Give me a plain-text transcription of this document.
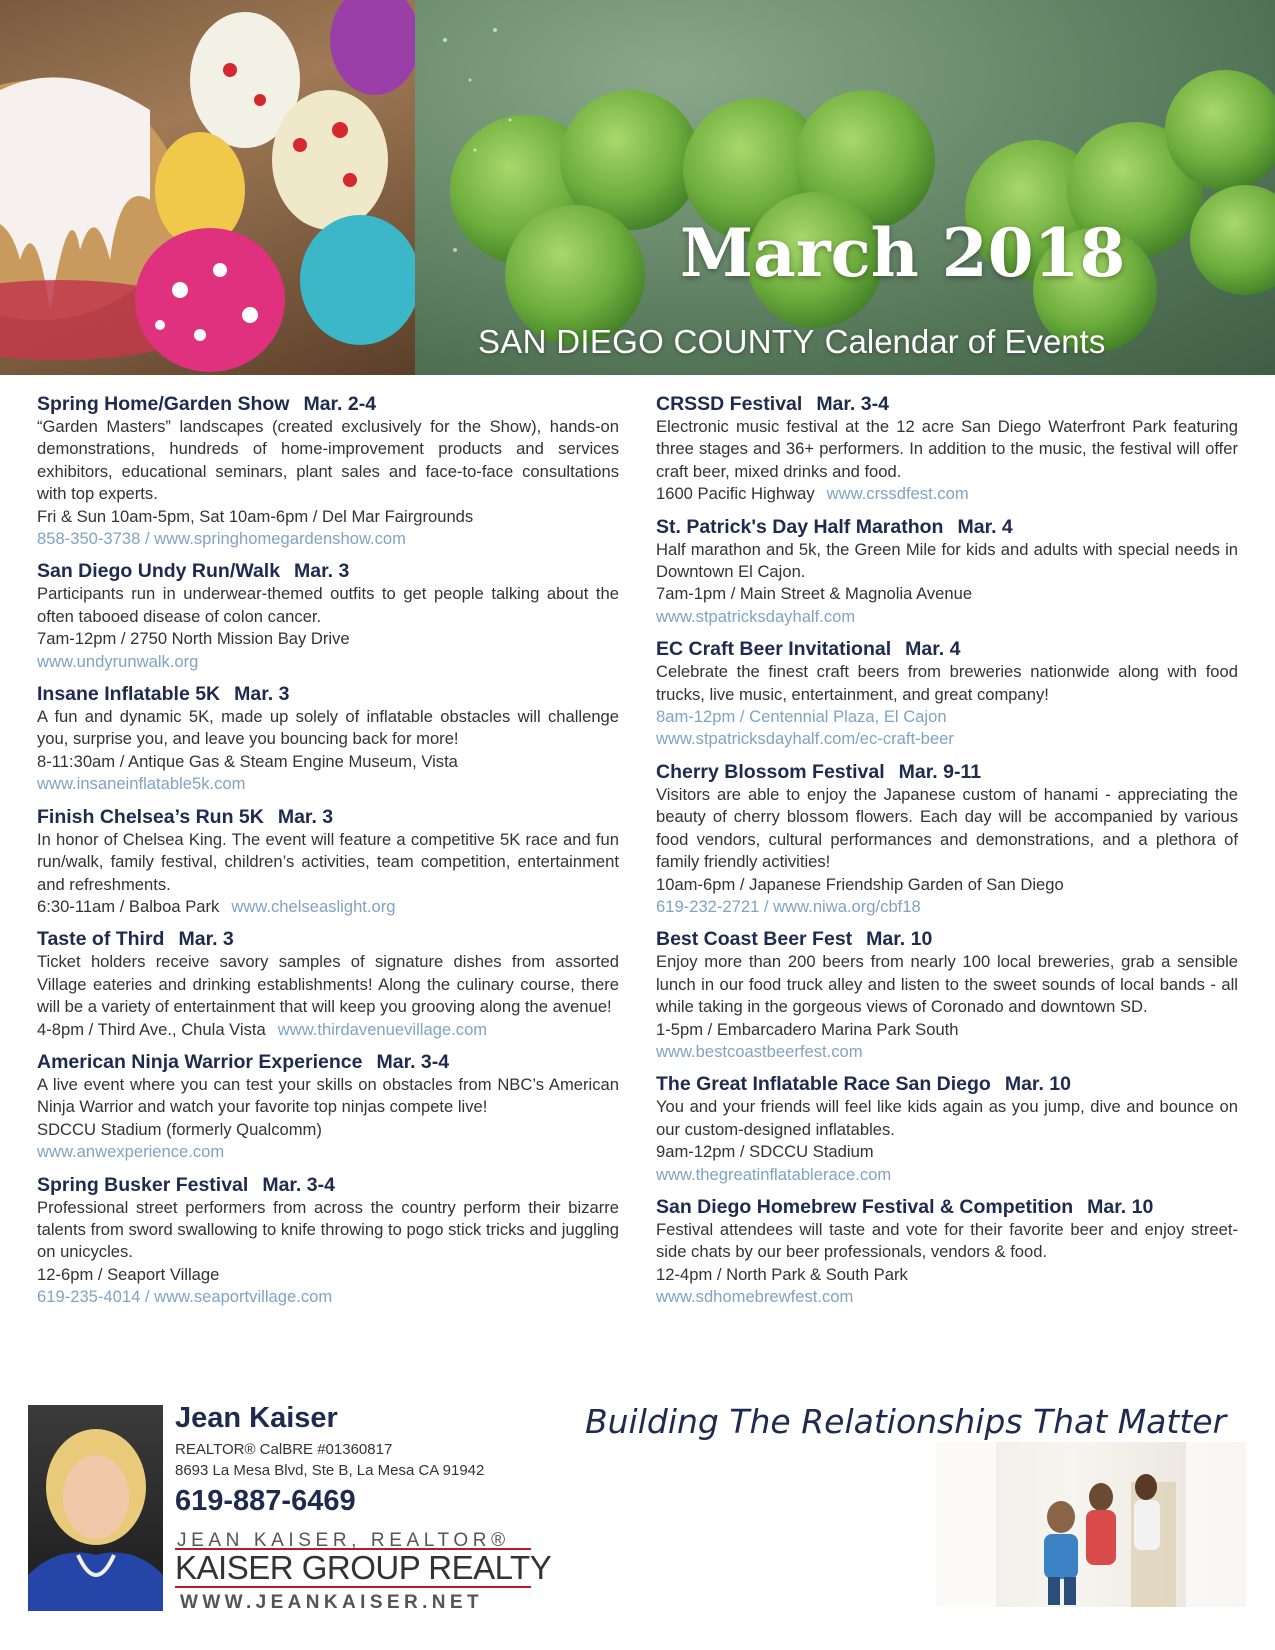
March 2018
SAN DIEGO COUNTY Calendar of Events
Spring Home/Garden Show Mar. 2-4
“Garden Masters” landscapes (created exclusively for the Show), hands-on demonstrations, hundreds of home-improvement products and services exhibitors, educational seminars, plant sales and face-to-face consultations with top experts.
Fri & Sun 10am-5pm, Sat 10am-6pm / Del Mar Fairgrounds
858-350-3738 / www.springhomegardenshow.com
San Diego Undy Run/Walk Mar. 3
Participants run in underwear-themed outfits to get people talking about the often tabooed disease of colon cancer.
7am-12pm / 2750 North Mission Bay Drive
www.undyrunwalk.org
Insane Inflatable 5K Mar. 3
A fun and dynamic 5K, made up solely of inflatable obstacles will challenge you, surprise you, and leave you bouncing back for more!
8-11:30am / Antique Gas & Steam Engine Museum, Vista
www.insaneinflatable5k.com
Finish Chelsea’s Run 5K Mar. 3
In honor of Chelsea King. The event will feature a competitive 5K race and fun run/walk, family festival, children’s activities, team competition, entertainment and refreshments.
6:30-11am / Balboa Park www.chelseaslight.org
Taste of Third Mar. 3
Ticket holders receive savory samples of signature dishes from assorted Village eateries and drinking establishments! Along the culinary course, there will be a variety of entertainment that will keep you grooving along the avenue!
4-8pm / Third Ave., Chula Vista www.thirdavenuevillage.com
American Ninja Warrior Experience Mar. 3-4
A live event where you can test your skills on obstacles from NBC’s American Ninja Warrior and watch your favorite top ninjas compete live!
SDCCU Stadium (formerly Qualcomm)
www.anwexperience.com
Spring Busker Festival Mar. 3-4
Professional street performers from across the country perform their bizarre talents from sword swallowing to knife throwing to pogo stick tricks and juggling on unicycles.
12-6pm / Seaport Village
619-235-4014 / www.seaportvillage.com
CRSSD Festival Mar. 3-4
Electronic music festival at the 12 acre San Diego Waterfront Park featuring three stages and 36+ performers. In addition to the music, the festival will offer craft beer, mixed drinks and food.
1600 Pacific Highway www.crssdfest.com
St. Patrick's Day Half Marathon Mar. 4
Half marathon and 5k, the Green Mile for kids and adults with special needs in Downtown El Cajon.
7am-1pm / Main Street & Magnolia Avenue
www.stpatricksdayhalf.com
EC Craft Beer Invitational Mar. 4
Celebrate the finest craft beers from breweries nationwide along with food trucks, live music, entertainment, and great company!
8am-12pm / Centennial Plaza, El Cajon
www.stpatricksdayhalf.com/ec-craft-beer
Cherry Blossom Festival Mar. 9-11
Visitors are able to enjoy the Japanese custom of hanami - appreciating the beauty of cherry blossom flowers. Each day will be accompanied by various food vendors, cultural performances and demonstrations, and a plethora of family friendly activities!
10am-6pm / Japanese Friendship Garden of San Diego
619-232-2721 / www.niwa.org/cbf18
Best Coast Beer Fest Mar. 10
Enjoy more than 200 beers from nearly 100 local breweries, grab a sensible lunch in our food truck alley and listen to the sweet sounds of local bands - all while taking in the gorgeous views of Coronado and downtown SD.
1-5pm / Embarcadero Marina Park South
www.bestcoastbeerfest.com
The Great Inflatable Race San Diego Mar. 10
You and your friends will feel like kids again as you jump, dive and bounce on our custom-designed inflatables.
9am-12pm / SDCCU Stadium
www.thegreatinflatablerace.com
San Diego Homebrew Festival & Competition Mar. 10
Festival attendees will taste and vote for their favorite beer and enjoy street-side chats by our beer professionals, vendors & food.
12-4pm / North Park & South Park
www.sdhomebrewfest.com
Jean Kaiser
REALTOR® CalBRE #01360817
8693 La Mesa Blvd, Ste B, La Mesa CA 91942
619-887-6469
JEAN KAISER, REALTOR®
KAISER GROUP REALTY
WWW.JEANKAISER.NET
Building The Relationships That Matter
